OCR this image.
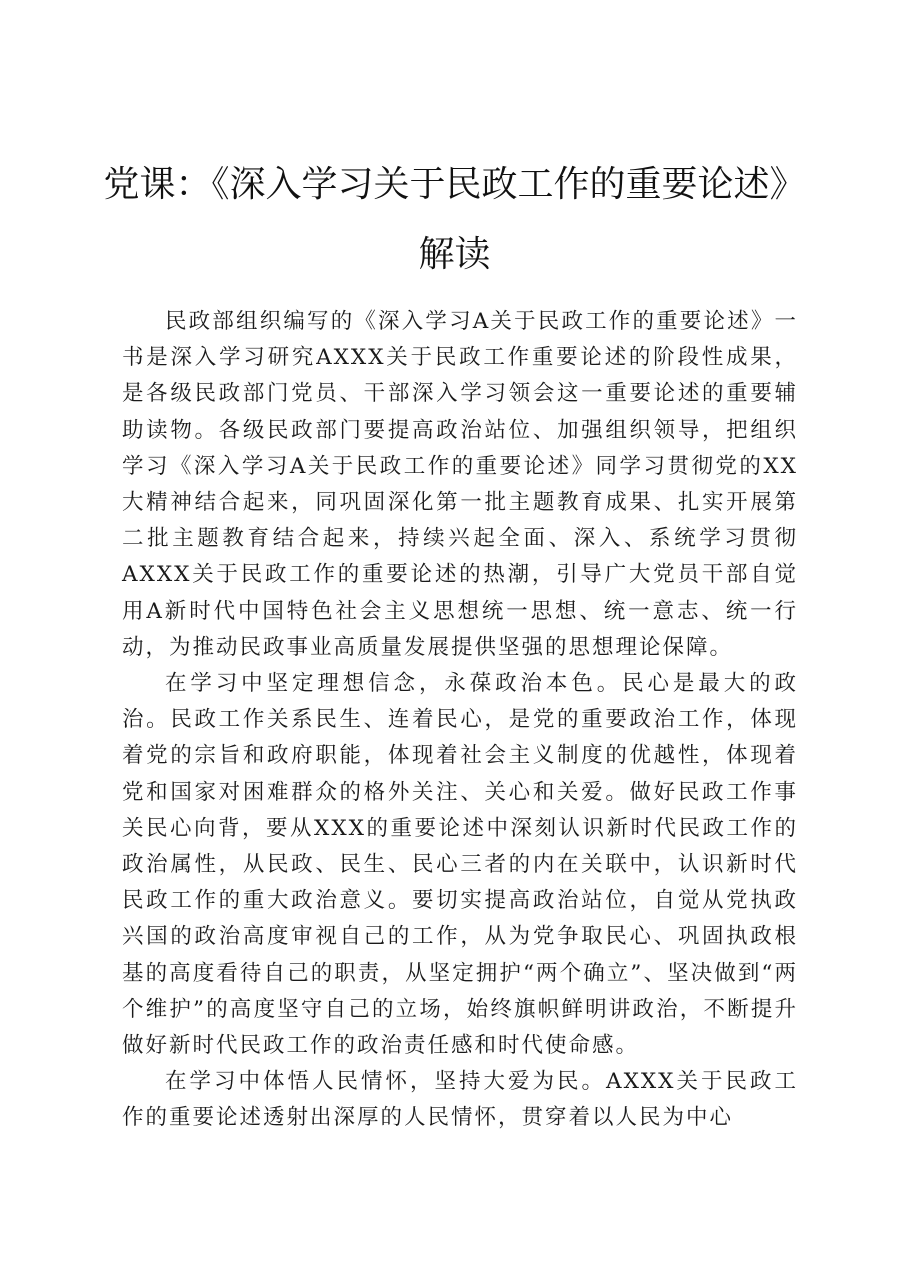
党课：《深入学习关于民政工作的重要论述》
解读

民政部组织编写的《深入学习A关于民政工作的重要论述》一书是深入学习研究AXXX关于民政工作重要论述的阶段性成果，是各级民政部门党员、干部深入学习领会这一重要论述的重要辅助读物。各级民政部门要提高政治站位、加强组织领导，把组织学习《深入学习A关于民政工作的重要论述》同学习贯彻党的XX大精神结合起来，同巩固深化第一批主题教育成果、扎实开展第二批主题教育结合起来，持续兴起全面、深入、系统学习贯彻AXXX关于民政工作的重要论述的热潮，引导广大党员干部自觉用A新时代中国特色社会主义思想统一思想、统一意志、统一行动，为推动民政事业高质量发展提供坚强的思想理论保障。

在学习中坚定理想信念，永葆政治本色。民心是最大的政治。民政工作关系民生、连着民心，是党的重要政治工作，体现着党的宗旨和政府职能，体现着社会主义制度的优越性，体现着党和国家对困难群众的格外关注、关心和关爱。做好民政工作事关民心向背，要从XXX的重要论述中深刻认识新时代民政工作的政治属性，从民政、民生、民心三者的内在关联中，认识新时代民政工作的重大政治意义。要切实提高政治站位，自觉从党执政兴国的政治高度审视自己的工作，从为党争取民心、巩固执政根基的高度看待自己的职责，从坚定拥护“两个确立”、坚决做到“两个维护”的高度坚守自己的立场，始终旗帜鲜明讲政治，不断提升做好新时代民政工作的政治责任感和时代使命感。

在学习中体悟人民情怀，坚持大爱为民。AXXX关于民政工作的重要论述透射出深厚的人民情怀，贯穿着以人民为中心
